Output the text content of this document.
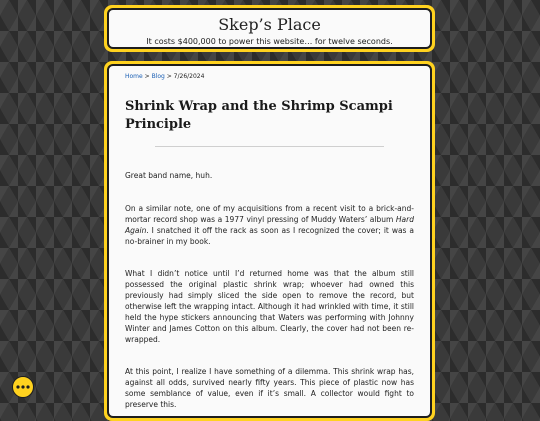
Skep’s Place
It costs $400,000 to power this website… for twelve seconds.
Home > Blog > 7/26/2024
Shrink Wrap and the Shrimp Scampi Principle

Great band name, huh.

On a similar note, one of my acquisitions from a recent visit to a brick-and-mortar record shop was a 1977 vinyl pressing of Muddy Waters’ album Hard Again. I snatched it off the rack as soon as I recognized the cover; it was a no-brainer in my book.

What I didn’t notice until I’d returned home was that the album still possessed the original plastic shrink wrap; whoever had owned this previously had simply sliced the side open to remove the record, but otherwise left the wrapping intact. Although it had wrinkled with time, it still held the hype stickers announcing that Waters was performing with Johnny Winter and James Cotton on this album. Clearly, the cover had not been re-wrapped.

At this point, I realize I have something of a dilemma. This shrink wrap has, against all odds, survived nearly fifty years. This piece of plastic now has some semblance of value, even if it’s small. A collector would fight to preserve this.
